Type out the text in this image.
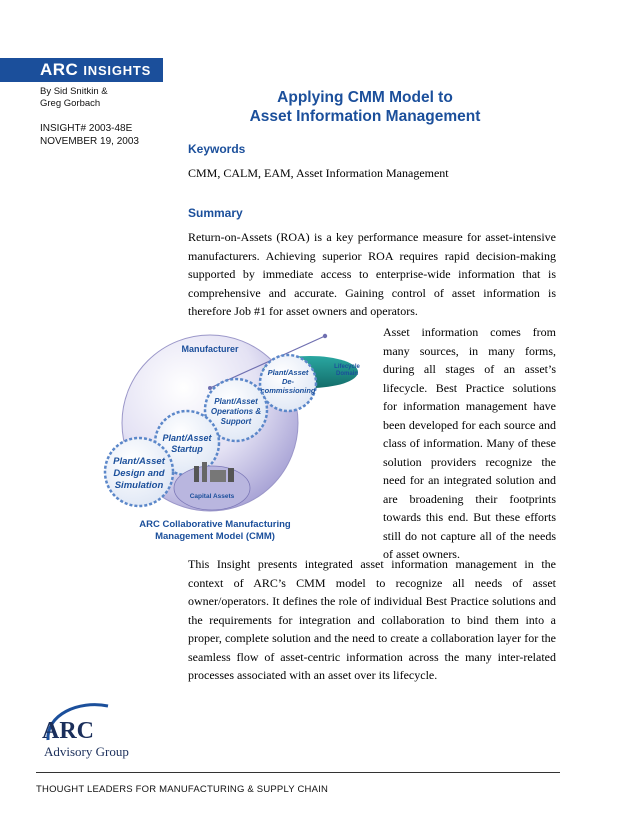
ARC INSIGHTS
By Sid Snitkin &
Greg Gorbach
INSIGHT# 2003-48E
NOVEMBER 19, 2003
Applying CMM Model to
Asset Information Management
Keywords
CMM, CALM, EAM, Asset Information Management
Summary
Return-on-Assets (ROA) is a key performance measure for asset-intensive manufacturers. Achieving superior ROA requires rapid decision-making supported by immediate access to enterprise-wide information that is comprehensive and accurate. Gaining control of asset information is therefore Job #1 for asset owners and operators.
Manufacturer
Lifecycle
Domain
Plant/Asset
De-
commissioning
Plant/Asset
Operations &
Support
Plant/Asset
Startup
Plant/Asset
Design and
Simulation
Capital Assets
ARC Collaborative Manufacturing
Management Model (CMM)
Asset information comes from many sources, in many forms, during all stages of an asset’s lifecycle. Best Practice solutions for information management have been developed for each source and class of information. Many of these solution providers recognize the need for an integrated solution and are broadening their footprints towards this end. But these efforts still do not capture all of the needs of asset owners.
This Insight presents integrated asset information management in the context of ARC’s CMM model to recognize all needs of asset owner/operators. It defines the role of individual Best Practice solutions and the requirements for integration and collaboration to bind them into a proper, complete solution and the need to create a collaboration layer for the seamless flow of asset-centric information across the many inter-related processes associated with an asset over its lifecycle.
ARC
Advisory Group
THOUGHT LEADERS FOR MANUFACTURING & SUPPLY CHAIN
